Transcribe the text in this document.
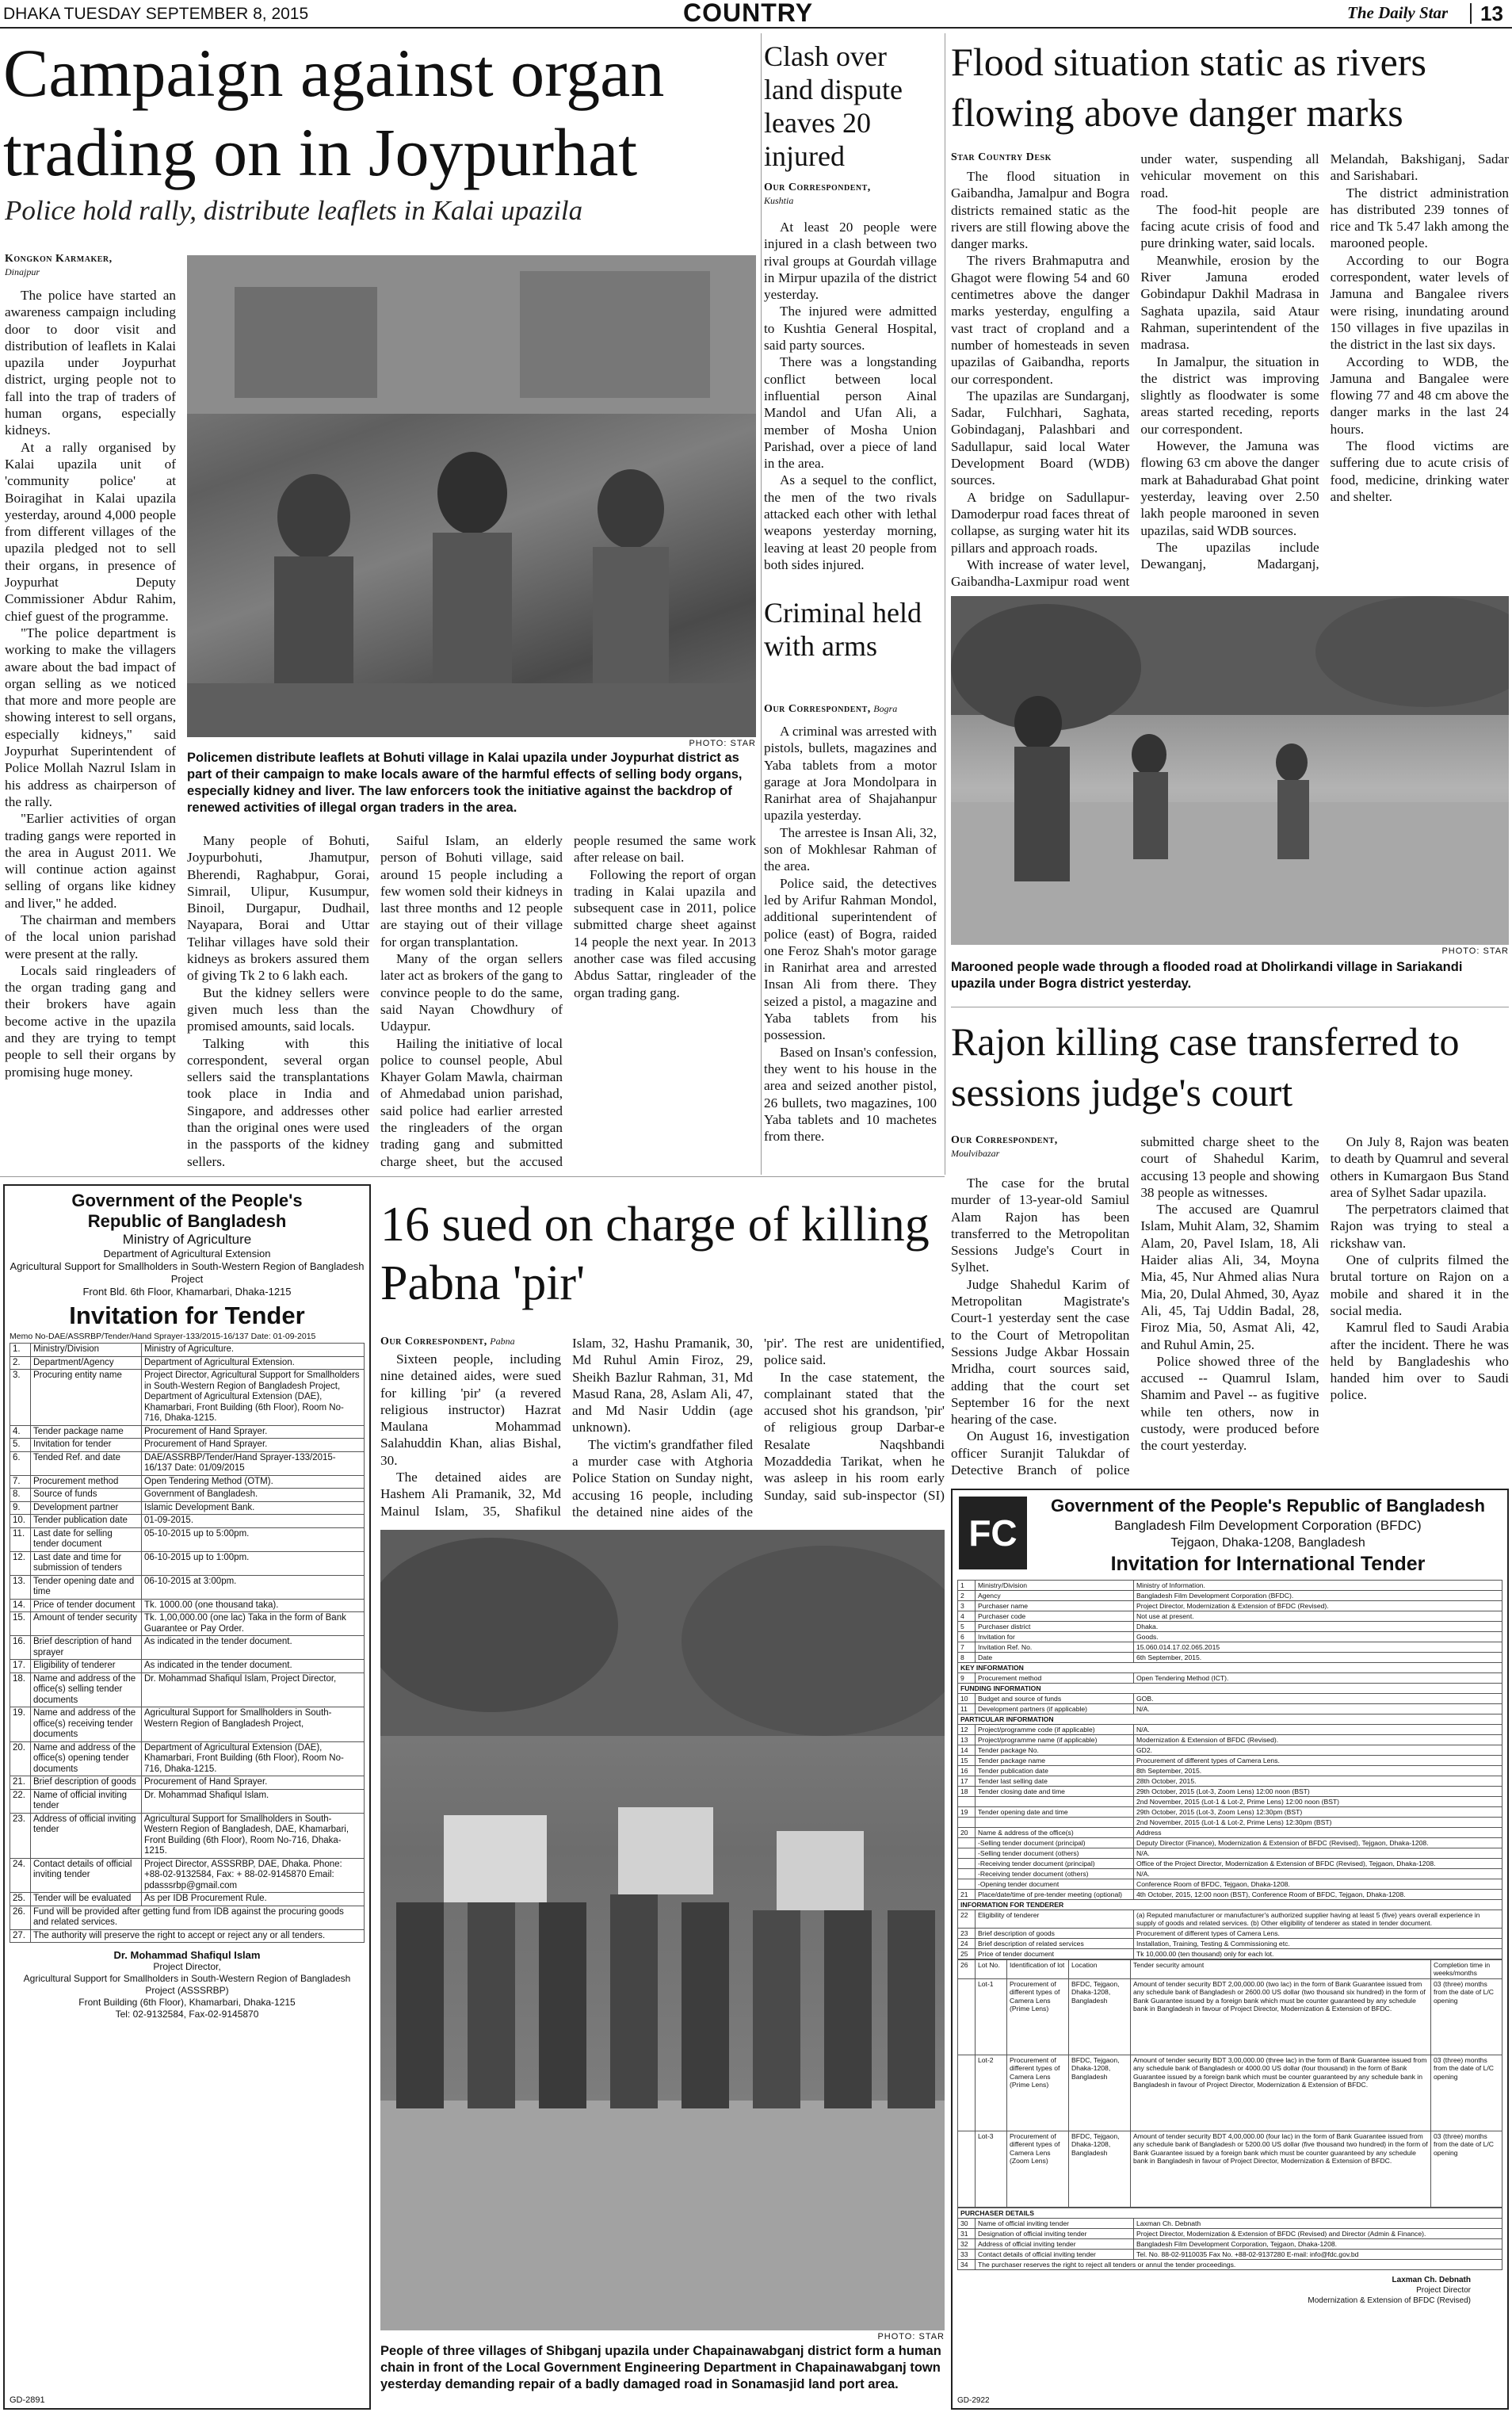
DHAKA TUESDAY SEPTEMBER 8, 2015	COUNTRY	The Daily Star 13
Campaign against organ trading on in Joypurhat
Police hold rally, distribute leaflets in Kalai upazila
Kongkon Karmaker,
Dinajpur

The police have started an awareness campaign including door to door visit and distribution of leaflets in Kalai upazila under Joypurhat district, urging people not to fall into the trap of traders of human organs, especially kidneys.

At a rally organised by Kalai upazila unit of 'community police' at Boiragihat in Kalai upazila yesterday, around 4,000 people from different villages of the upazila pledged not to sell their organs, in presence of Joypurhat Deputy Commissioner Abdur Rahim, chief guest of the programme.

"The police department is working to make the villagers aware about the bad impact of organ selling as we noticed that more and more people are showing interest to sell organs, especially kidneys," said Joypurhat Superintendent of Police Mollah Nazrul Islam in his address as chairperson of the rally.

"Earlier activities of organ trading gangs were reported in the area in August 2011. We will continue action against selling of organs like kidney and liver," he added.

The chairman and members of the local union parishad were present at the rally.

Locals said ringleaders of the organ trading gang and their brokers have again become active in the upazila and they are trying to tempt people to sell their organs by promising huge money.

PHOTO: STAR
Policemen distribute leaflets at Bohuti village in Kalai upazila under Joypurhat district as part of their campaign to make locals aware of the harmful effects of selling body organs, especially kidney and liver. The law enforcers took the initiative against the backdrop of renewed activities of illegal organ traders in the area.

Many people of Bohuti, Joypurbohuti, Jhamutpur, Bherendi, Raghabpur, Gorai, Simrail, Ulipur, Kusumpur, Binoil, Durgapur, Dudhail, Nayapara, Borai and Uttar Telihar villages have sold their kidneys as brokers assured them of giving Tk 2 to 6 lakh each.

But the kidney sellers were given much less than the promised amounts, said locals.

Talking with this correspondent, several organ sellers said the transplantations took place in India and Singapore, and addresses other than the original ones were used in the passports of the kidney sellers.

Saiful Islam, an elderly person of Bohuti village, said around 15 people including a few women sold their kidneys in last three months and 12 people are staying out of their village for organ transplantation.

Many of the organ sellers later act as brokers of the gang to convince people to do the same, said Nayan Chowdhury of Udaypur.

Hailing the initiative of local police to counsel people, Abul Khayer Golam Mawla, chairman of Ahmedabad union parishad, said police had earlier arrested the ringleaders of the organ trading gang and submitted charge sheet, but the accused people resumed the same work after release on bail.

Following the report of organ trading in Kalai upazila and subsequent case in 2011, police submitted charge sheet against 14 people the next year. In 2013 another case was filed accusing Abdus Sattar, ringleader of the organ trading gang.

Clash over land dispute leaves 20 injured
Our Correspondent,
Kushtia

At least 20 people were injured in a clash between two rival groups at Gourdah village in Mirpur upazila of the district yesterday.

The injured were admitted to Kushtia General Hospital, said party sources.

There was a longstanding conflict between local influential person Ainal Mandol and Ufan Ali, a member of Mosha Union Parishad, over a piece of land in the area.

As a sequel to the conflict, the men of the two rivals attacked each other with lethal weapons yesterday morning, leaving at least 20 people from both sides injured.

Criminal held with arms
Our Correspondent, Bogra

A criminal was arrested with pistols, bullets, magazines and Yaba tablets from a motor garage at Jora Mondolpara in Ranirhat area of Shajahanpur upazila yesterday.

The arrestee is Insan Ali, 32, son of Mokhlesar Rahman of the area.

Police said, the detectives led by Arifur Rahman Mondol, additional superintendent of police (east) of Bogra, raided one Feroz Shah's motor garage in Ranirhat area and arrested Insan Ali from there. They seized a pistol, a magazine and Yaba tablets from his possession.

Based on Insan's confession, they went to his house in the area and seized another pistol, 26 bullets, two magazines, 100 Yaba tablets and 10 machetes from there.

Flood situation static as rivers flowing above danger marks
Star Country Desk

The flood situation in Gaibandha, Jamalpur and Bogra districts remained static as the rivers are still flowing above the danger marks.

The rivers Brahmaputra and Ghagot were flowing 54 and 60 centimetres above the danger marks yesterday, engulfing a vast tract of cropland and a number of homesteads in seven upazilas of Gaibandha, reports our correspondent.

The upazilas are Sundarganj, Sadar, Fulchhari, Saghata, Gobindaganj, Palashbari and Sadullapur, said local Water Development Board (WDB) sources.

A bridge on Sadullapur-Damoderpur road faces threat of collapse, as surging water hit its pillars and approach roads.

With increase of water level, Gaibandha-Laxmipur road went under water, suspending all vehicular movement on this road.

The food-hit people are facing acute crisis of food and pure drinking water, said locals.

Meanwhile, erosion by the River Jamuna eroded Gobindapur Dakhil Madrasa in Saghata upazila, said Ataur Rahman, superintendent of the madrasa.

In Jamalpur, the situation in the district was improving slightly as floodwater is some areas started receding, reports our correspondent.

However, the Jamuna was flowing 63 cm above the danger mark at Bahadurabad Ghat point yesterday, leaving over 2.50 lakh people marooned in seven upazilas, said WDB sources.

The upazilas include Dewanganj, Madarganj, Melandah, Bakshiganj, Sadar and Sarishabari.

The district administration has distributed 239 tonnes of rice and Tk 5.47 lakh among the marooned people.

According to our Bogra correspondent, water levels of Jamuna and Bangalee rivers were rising, inundating around 150 villages in five upazilas in the district in the last six days.

According to WDB, the Jamuna and Bangalee were flowing 77 and 48 cm above the danger marks in the last 24 hours.

The flood victims are suffering due to acute crisis of food, medicine, drinking water and shelter.

PHOTO: STAR
Marooned people wade through a flooded road at Dholirkandi village in Sariakandi upazila under Bogra district yesterday.
Rajon killing case transferred to sessions judge's court
Our Correspondent,
Moulvibazar

The case for the brutal murder of 13-year-old Samiul Alam Rajon has been transferred to the Metropolitan Sessions Judge's Court in Sylhet.

Judge Shahedul Karim of Metropolitan Magistrate's Court-1 yesterday sent the case to the Court of Metropolitan Sessions Judge Akbar Hossain Mridha, court sources said, adding that the court set September 16 for the next hearing of the case.

On August 16, investigation officer Suranjit Talukdar of Detective Branch of police submitted charge sheet to the court of Shahedul Karim, accusing 13 people and showing 38 people as witnesses.

The accused are Quamrul Islam, Muhit Alam, 32, Shamim Alam, 20, Pavel Islam, 18, Ali Haider alias Ali, 34, Moyna Mia, 45, Nur Ahmed alias Nura Mia, 20, Dulal Ahmed, 30, Ayaz Ali, 45, Taj Uddin Badal, 28, Firoz Mia, 50, Asmat Ali, 42, and Ruhul Amin, 25.

Police showed three of the accused -- Quamrul Islam, Shamim and Pavel -- as fugitive while ten others, now in custody, were produced before the court yesterday.

On July 8, Rajon was beaten to death by Quamrul and several others in Kumargaon Bus Stand area of Sylhet Sadar upazila.

The perpetrators claimed that Rajon was trying to steal a rickshaw van.

One of culprits filmed the brutal torture on Rajon on a mobile and shared it in the social media.

Kamrul fled to Saudi Arabia after the incident. There he was held by Bangladeshis who handed him over to Saudi police.

Government of the People's
Republic of Bangladesh
Ministry of Agriculture
Department of Agricultural Extension
Agricultural Support for Smallholders in South-Western Region of Bangladesh Project
Front Bld. 6th Floor, Khamarbari, Dhaka-1215
Invitation for Tender
Memo No-DAE/ASSRBP/Tender/Hand Sprayer-133/2015-16/137 Date: 01-09-2015
1.	Ministry/Division	Ministry of Agriculture.
2.	Department/Agency	Department of Agricultural Extension.
3.	Procuring entity name	Project Director, Agricultural Support for Smallholders in South-Western Region of Bangladesh Project, Department of Agricultural Extension (DAE), Khamarbari, Front Building (6th Floor), Room No-716, Dhaka-1215.
4.	Tender package name	Procurement of Hand Sprayer.
5.	Invitation for tender	Procurement of Hand Sprayer.
6.	Tended Ref. and date	DAE/ASSRBP/Tender/Hand Sprayer-133/2015-16/137 Date: 01/09/2015
7.	Procurement method	Open Tendering Method (OTM).
8.	Source of funds	Government of Bangladesh.
9.	Development partner	Islamic Development Bank.
10.	Tender publication date	01-09-2015.
11.	Last date for selling tender document	05-10-2015 up to 5:00pm.
12.	Last date and time for submission of tenders	06-10-2015 up to 1:00pm.
13.	Tender opening date and time	06-10-2015 at 3:00pm.
14.	Price of tender document	Tk. 1000.00 (one thousand taka).
15.	Amount of tender security	Tk. 1,00,000.00 (one lac) Taka in the form of Bank Guarantee or Pay Order.
16.	Brief description of hand sprayer	As indicated in the tender document.
17.	Eligibility of tenderer	As indicated in the tender document.
18.	Name and address of the office(s) selling tender documents	Dr. Mohammad Shafiqul Islam, Project Director,
19.	Name and address of the office(s) receiving tender documents	Agricultural Support for Smallholders in South-Western Region of Bangladesh Project,
20.	Name and address of the office(s) opening tender documents	Department of Agricultural Extension (DAE), Khamarbari, Front Building (6th Floor), Room No-716, Dhaka-1215.
21.	Brief description of goods	Procurement of Hand Sprayer.
22.	Name of official inviting tender	Dr. Mohammad Shafiqul Islam.
23.	Address of official inviting tender	Agricultural Support for Smallholders in South-Western Region of Bangladesh, DAE, Khamarbari, Front Building (6th Floor), Room No-716, Dhaka-1215.
24.	Contact details of official inviting tender	Project Director, ASSSRBP, DAE, Dhaka. Phone: +88-02-9132584, Fax: + 88-02-9145870 Email: pdasssrbp@gmail.com
25.	Tender will be evaluated	As per IDB Procurement Rule.
26.	Fund will be provided after getting fund from IDB against the procuring goods and related services.	
27.	The authority will preserve the right to accept or reject any or all tenders.	
Dr. Mohammad Shafiqul Islam
Project Director,
Agricultural Support for Smallholders in South-Western Region of Bangladesh Project (ASSSRBP)
Front Building (6th Floor), Khamarbari, Dhaka-1215
Tel: 02-9132584, Fax-02-9145870
GD-2891
16 sued on charge of killing Pabna 'pir'
Our Correspondent, Pabna

Sixteen people, including nine detained aides, were sued for killing 'pir' (a revered religious instructor) Hazrat Maulana Mohammad Salahuddin Khan, alias Bishal, 30.

The detained aides are Hashem Ali Pramanik, 32, Md Mainul Islam, 35, Shafikul Islam, 32, Hashu Pramanik, 30, Md Ruhul Amin Firoz, 29, Sheikh Bazlur Rahman, 31, Md Masud Rana, 28, Aslam Ali, 47, and Md Nasir Uddin (age unknown).

The victim's grandfather filed a murder case with Atghoria Police Station on Sunday night, accusing 16 people, including the detained nine aides of the 'pir'. The rest are unidentified, police said.

In the case statement, the complainant stated that the accused shot his grandson, 'pir' of religious group Darbar-e Resalate Naqshbandi Mozaddedia Tarikat, when he was asleep in his room early Sunday, said sub-inspector (SI)

PHOTO: STAR
People of three villages of Shibganj upazila under Chapainawabganj district form a human chain in front of the Local Government Engineering Department in Chapainawabganj town yesterday demanding repair of a badly damaged road in Sonamasjid land port area.
FC
Government of the People's Republic of Bangladesh
Bangladesh Film Development Corporation (BFDC)
Tejgaon, Dhaka-1208, Bangladesh
Invitation for International Tender
1	Ministry/Division	Ministry of Information.
2	Agency	Bangladesh Film Development Corporation (BFDC).
3	Purchaser name	Project Director, Modernization & Extension of BFDC (Revised).
4	Purchaser code	Not use at present.
5	Purchaser district	Dhaka.
6	Invitation for	Goods.
7	Invitation Ref. No.	15.060.014.17.02.065.2015
8	Date	6th September, 2015.
KEY INFORMATION		
9	Procurement method	Open Tendering Method (ICT).
FUNDING INFORMATION		
10	Budget and source of funds	GOB.
11	Development partners (if applicable)	N/A.
PARTICULAR INFORMATION		
12	Project/programme code (if applicable)	N/A.
13	Project/programme name (if applicable)	Modernization & Extension of BFDC (Revised).
14	Tender package No.	GD2.
15	Tender package name	Procurement of different types of Camera Lens.
16	Tender publication date	8th September, 2015.
17	Tender last selling date	28th October, 2015.
18	Tender closing date and time	29th October, 2015 (Lot-3, Zoom Lens) 12:00 noon (BST)
		2nd November, 2015 (Lot-1 & Lot-2, Prime Lens) 12:00 noon (BST)
19	Tender opening date and time	29th October, 2015 (Lot-3, Zoom Lens) 12:30pm (BST)
		2nd November, 2015 (Lot-1 & Lot-2, Prime Lens) 12:30pm (BST)
20	Name & address of the office(s)	Address
	-Selling tender document (principal)	Deputy Director (Finance), Modernization & Extension of BFDC (Revised), Tejgaon, Dhaka-1208.
	-Selling tender document (others)	N/A.
	-Receiving tender document (principal)	Office of the Project Director, Modernization & Extension of BFDC (Revised), Tejgaon, Dhaka-1208.
	-Receiving tender document (others)	N/A.
	-Opening tender document	Conference Room of BFDC, Tejgaon, Dhaka-1208.
21	Place/date/time of pre-tender meeting (optional)	4th October, 2015, 12:00 noon (BST), Conference Room of BFDC, Tejgaon, Dhaka-1208.
INFORMATION FOR TENDERER		
22	Eligibility of tenderer	(a) Reputed manufacturer or manufacturer's authorized supplier having at least 5 (five) years overall experience in supply of goods and related services. (b) Other eligibility of tenderer as stated in tender document.
23	Brief description of goods	Procurement of different types of Camera Lens.
24	Brief description of related services	Installation, Training, Testing & Commissioning etc.
25	Price of tender document	Tk 10,000.00 (ten thousand) only for each lot.
26	Lot No.	Identification of lot	Location	Tender security amount	Completion time in weeks/months
	Lot-1	Procurement of different types of Camera Lens (Prime Lens)	BFDC, Tejgaon, Dhaka-1208, Bangladesh	Amount of tender security BDT 2,00,000.00 (two lac) in the form of Bank Guarantee issued from any schedule bank of Bangladesh or 2600.00 US dollar (two thousand six hundred) in the form of Bank Guarantee issued by a foreign bank which must be counter guaranteed by any schedule bank in Bangladesh in favour of Project Director, Modernization & Extension of BFDC.	03 (three) months from the date of L/C opening
	Lot-2	Procurement of different types of Camera Lens (Prime Lens)	BFDC, Tejgaon, Dhaka-1208, Bangladesh	Amount of tender security BDT 3,00,000.00 (three lac) in the form of Bank Guarantee issued from any schedule bank of Bangladesh or 4000.00 US dollar (four thousand) in the form of Bank Guarantee issued by a foreign bank which must be counter guaranteed by any schedule bank in Bangladesh in favour of Project Director, Modernization & Extension of BFDC.	03 (three) months from the date of L/C opening
	Lot-3	Procurement of different types of Camera Lens (Zoom Lens)	BFDC, Tejgaon, Dhaka-1208, Bangladesh	Amount of tender security BDT 4,00,000.00 (four lac) in the form of Bank Guarantee issued from any schedule bank of Bangladesh or 5200.00 US dollar (five thousand two hundred) in the form of Bank Guarantee issued by a foreign bank which must be counter guaranteed by any schedule bank in Bangladesh in favour of Project Director, Modernization & Extension of BFDC.	03 (three) months from the date of L/C opening
PURCHASER DETAILS		
30	Name of official inviting tender	Laxman Ch. Debnath
31	Designation of official inviting tender	Project Director, Modernization & Extension of BFDC (Revised) and Director (Admin & Finance).
32	Address of official inviting tender	Bangladesh Film Development Corporation, Tejgaon, Dhaka-1208.
33	Contact details of official inviting tender	Tel. No. 88-02-9110035 Fax No. +88-02-9137280 E-mail: info@fdc.gov.bd
34	The purchaser reserves the right to reject all tenders or annul the tender proceedings.	
Laxman Ch. Debnath
Project Director
Modernization & Extension of BFDC (Revised)
GD-2922
